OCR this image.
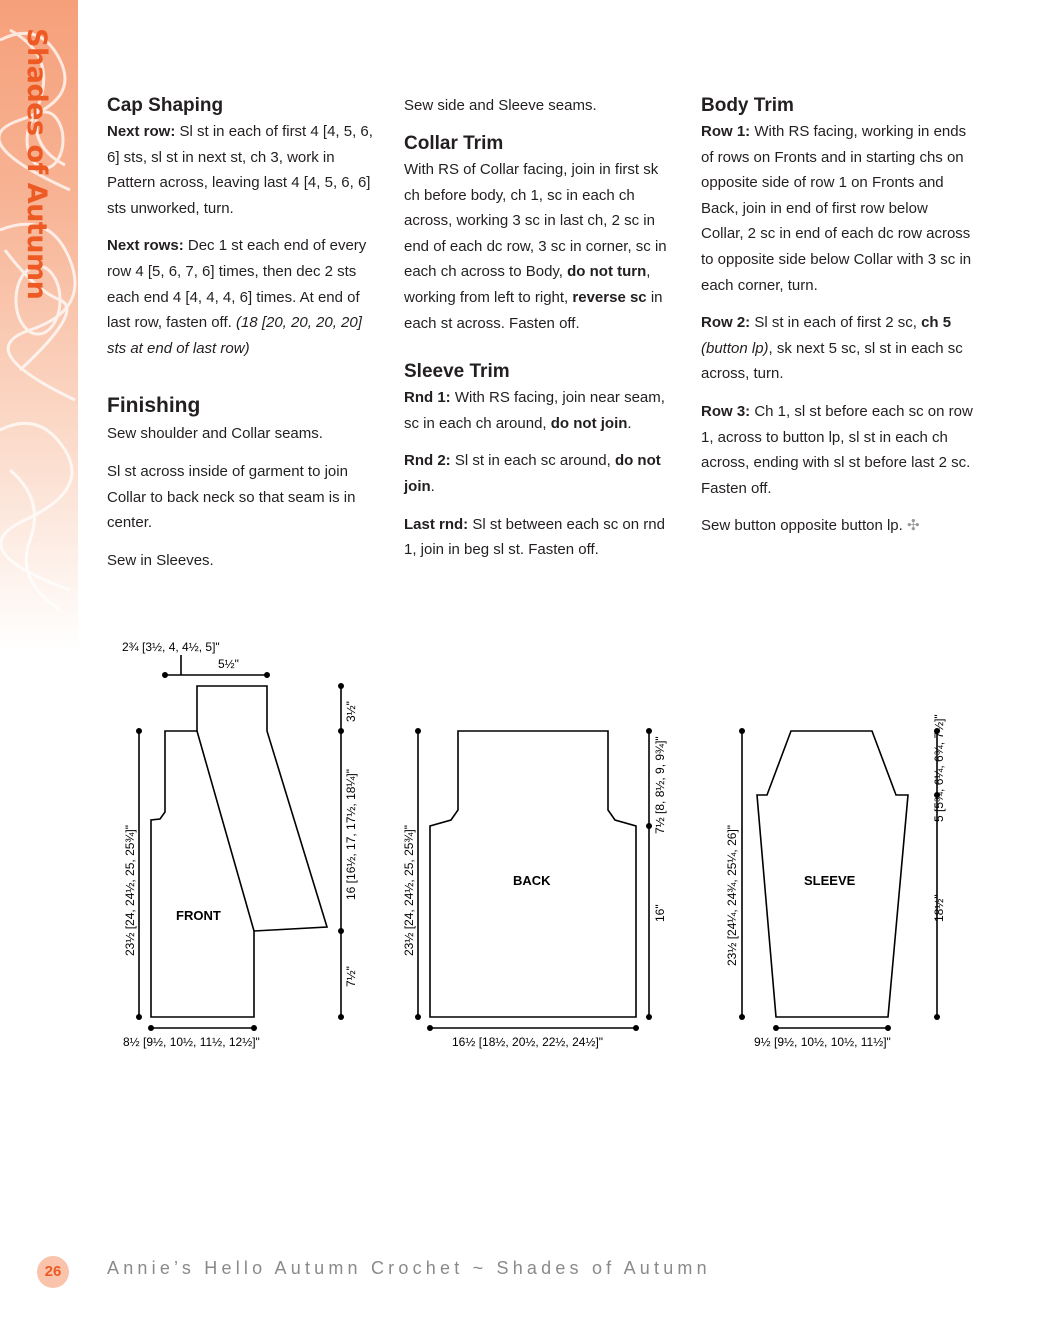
Shades of Autumn	Cap Shaping

Next row: Sl st in each of first 4 [4, 5, 6, 6] sts, sl st in next st, ch 3, work in Pattern across, leaving last 4 [4, 5, 6, 6] sts unworked, turn.

Next rows: Dec 1 st each end of every row 4 [5, 6, 7, 6] times, then dec 2 sts each end 4 [4, 4, 4, 6] times. At end of last row, fasten off. (18 [20, 20, 20, 20] sts at end of last row)

Finishing

Sew shoulder and Collar seams.

Sl st across inside of garment to join Collar to back neck so that seam is in center.

Sew in Sleeves.

Sew side and Sleeve seams.

Collar Trim

With RS of Collar facing, join in first sk ch before body, ch 1, sc in each ch across, working 3 sc in last ch, 2 sc in end of each dc row, 3 sc in corner, sc in each ch across to Body, do not turn, working from left to right, reverse sc in each st across. Fasten off.

Sleeve Trim

Rnd 1: With RS facing, join near seam, sc in each ch around, do not join.

Rnd 2: Sl st in each sc around, do not join.

Last rnd: Sl st between each sc on rnd 1, join in beg sl st. Fasten off.

Body Trim

Row 1: With RS facing, working in ends of rows on Fronts and in starting chs on opposite side of row 1 on Fronts and Back, join in end of first row below Collar, 2 sc in end of each dc row across to opposite side below Collar with 3 sc in each corner, turn.

Row 2: Sl st in each of first 2 sc, ch 5 (button lp), sk next 5 sc, sl st in each sc across, turn.

Row 3: Ch 1, sl st before each sc on row 1, across to button lp, sl st in each ch across, ending with sl st before last 2 sc. Fasten off.

Sew button opposite button lp. ✣

FRONT
2¾ [3½, 4, 4½, 5]"
5½"
23½ [24, 24½, 25, 25¾]"
3½"
16 [16½, 17, 17½, 18¼]"
7½"
8½ [9½, 10½, 11½, 12½]"
BACK
23½ [24, 24½, 25, 25¾]"
7½ [8, 8½, 9, 9¾]"
16"
16½ [18½, 20½, 22½, 24½]"
SLEEVE
23½ [24¼, 24¾, 25¼, 26]"
5 [5¾, 6¼, 6¾, 7½]"
18½"
9½ [9½, 10½, 10½, 11½]"
26	Annie’s Hello Autumn Crochet ~ Shades of Autumn
